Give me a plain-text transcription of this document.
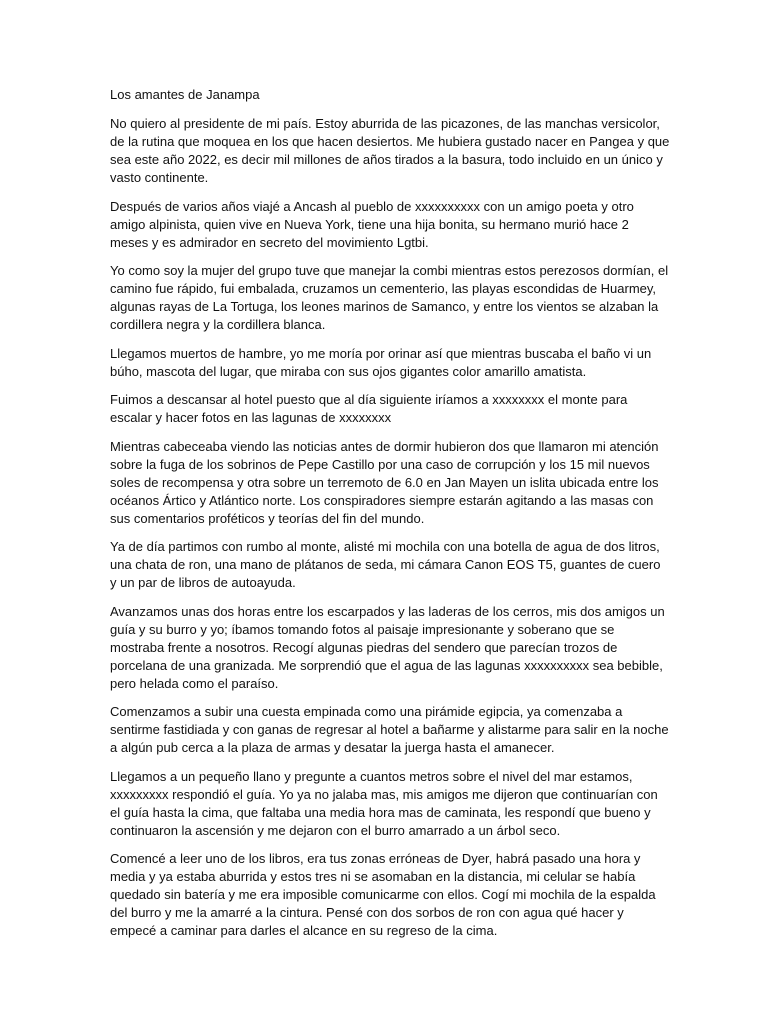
Los amantes de Janampa

No quiero al presidente de mi país. Estoy aburrida de las picazones, de las manchas versicolor, de la rutina que moquea en los que hacen desiertos. Me hubiera gustado nacer en Pangea y que sea este año 2022, es decir mil millones de años tirados a la basura, todo incluido en un único y vasto continente.

Después de varios años viajé a Ancash al pueblo de xxxxxxxxxx con un amigo poeta y otro amigo alpinista, quien vive en Nueva York, tiene una hija bonita, su hermano murió hace 2 meses y es admirador en secreto del movimiento Lgtbi.

Yo como soy la mujer del grupo tuve que manejar la combi mientras estos perezosos dormían, el camino fue rápido, fui embalada, cruzamos un cementerio, las playas escondidas de Huarmey, algunas rayas de La Tortuga, los leones marinos de Samanco, y entre los vientos se alzaban la cordillera negra y la cordillera blanca.

Llegamos muertos de hambre, yo me moría por orinar así que mientras buscaba el baño vi un búho, mascota del lugar, que miraba con sus ojos gigantes color amarillo amatista.

Fuimos a descansar al hotel puesto que al día siguiente iríamos a xxxxxxxx el monte para escalar y hacer fotos en las lagunas de xxxxxxxx

Mientras cabeceaba viendo las noticias antes de dormir hubieron dos que llamaron mi atención sobre la fuga de los sobrinos de Pepe Castillo por una caso de corrupción y los 15 mil nuevos soles de recompensa y otra sobre un terremoto de 6.0 en Jan Mayen un islita ubicada entre los océanos Ártico y Atlántico norte. Los conspiradores siempre estarán agitando a las masas con sus comentarios proféticos y teorías del fin del mundo.

Ya de día partimos con rumbo al monte, alisté mi mochila con una botella de agua de dos litros, una chata de ron, una mano de plátanos de seda, mi cámara Canon EOS T5, guantes de cuero y un par de libros de autoayuda.

Avanzamos unas dos horas entre los escarpados y las laderas de los cerros, mis dos amigos un guía y su burro y yo; íbamos tomando fotos al paisaje impresionante y soberano que se mostraba frente a nosotros. Recogí algunas piedras del sendero que parecían trozos de porcelana de una granizada. Me sorprendió que el agua de las lagunas xxxxxxxxxx sea bebible, pero helada como el paraíso.

Comenzamos a subir una cuesta empinada como una pirámide egipcia, ya comenzaba a sentirme fastidiada y con ganas de regresar al hotel a bañarme y alistarme para salir en la noche a algún pub cerca a la plaza de armas y desatar la juerga hasta el amanecer.

Llegamos a un pequeño llano y pregunte a cuantos metros sobre el nivel del mar estamos, xxxxxxxxx respondió el guía. Yo ya no jalaba mas, mis amigos me dijeron que continuarían con el guía hasta la cima, que faltaba una media hora mas de caminata, les respondí que bueno y continuaron la ascensión y me dejaron con el burro amarrado a un árbol seco.

Comencé a leer uno de los libros, era tus zonas erróneas de Dyer, habrá pasado una hora y media y ya estaba aburrida y estos tres ni se asomaban en la distancia, mi celular se había quedado sin batería y me era imposible comunicarme con ellos. Cogí mi mochila de la espalda del burro y me la amarré a la cintura. Pensé con dos sorbos de ron con agua qué hacer y empecé a caminar para darles el alcance en su regreso de la cima.
